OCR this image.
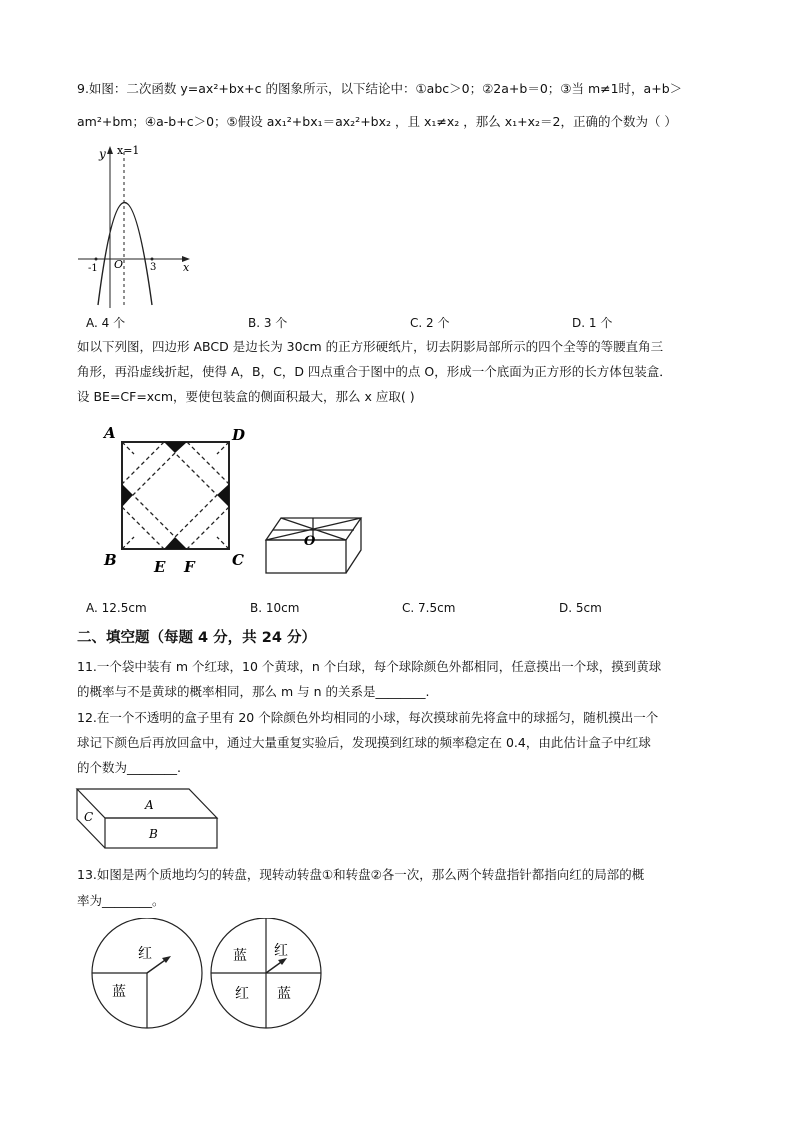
9.如图：二次函数 y=ax²+bx+c 的图象所示，以下结论中：①abc＞0；②2a+b＝0；③当 m≠1时，a+b＞
am²+bm；④a-b+c＞0；⑤假设 ax₁²+bx₁＝ax₂²+bx₂ ，且 x₁≠x₂ ，那么 x₁+x₂＝2，正确的个数为（ ）
y x=1
O
-1	3 x
A. 4 个	B. 3 个	C. 2 个	D. 1 个
如以下列图，四边形 ABCD 是边长为 30cm 的正方形硬纸片，切去阴影局部所示的四个全等的等腰直角三
角形，再沿虚线折起，使得 A，B，C，D 四点重合于图中的点 O，形成一个底面为正方形的长方体包装盒．
设 BE=CF=xcm，要使包装盒的侧面积最大，那么 x 应取( )
A	D
B E F C
O
A. 12.5cm	B. 10cm	C. 7.5cm	D. 5cm
二、填空题（每题 4 分，共 24 分）
11.一个袋中装有 m 个红球，10 个黄球，n 个白球，每个球除颜色外都相同，任意摸出一个球，摸到黄球
的概率与不是黄球的概率相同，那么 m 与 n 的关系是________.
12.在一个不透明的盒子里有 20 个除颜色外均相同的小球，每次摸球前先将盒中的球摇匀，随机摸出一个
球记下颜色后再放回盒中，通过大量重复实验后，发现摸到红球的频率稳定在 0.4，由此估计盒子中红球
的个数为________.
A
B
C
13.如图是两个质地均匀的转盘，现转动转盘①和转盘②各一次，那么两个转盘指针都指向红的局部的概
率为________。
红
蓝
蓝 红
红 蓝
